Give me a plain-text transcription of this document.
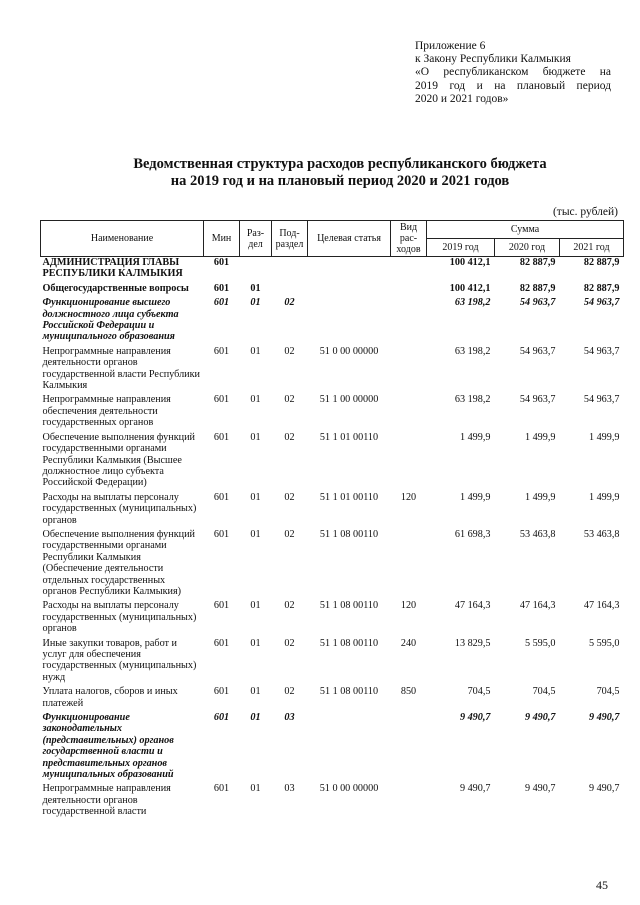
Приложение 6
к Закону Республики Калмыкия
«О республиканском бюджете на
2019 год и на плановый период
2020 и 2021 годов»
Ведомственная структура расходов республиканского бюджета
на 2019 год и на плановый период 2020 и 2021 годов
(тыс. рублей)
Наименование	Мин	Раз-дел	Под-раздел	Целевая статья	Вид рас-ходов	Сумма		
						2019 год	2020 год	2021 год
АДМИНИСТРАЦИЯ ГЛАВЫ РЕСПУБЛИКИ КАЛМЫКИЯ	601					100 412,1	82 887,9	82 887,9
Общегосударственные вопросы	601	01				100 412,1	82 887,9	82 887,9
Функционирование высшего должностного лица субъекта Российской Федерации и муниципального образования	601	01	02			63 198,2	54 963,7	54 963,7
Непрограммные направления деятельности органов государственной власти Республики Калмыкия	601	01	02	51 0 00 00000		63 198,2	54 963,7	54 963,7
Непрограммные направления обеспечения деятельности государственных органов	601	01	02	51 1 00 00000		63 198,2	54 963,7	54 963,7
Обеспечение выполнения функций государственными органами Республики Калмыкия (Высшее должностное лицо субъекта Российской Федерации)	601	01	02	51 1 01 00110		1 499,9	1 499,9	1 499,9
Расходы на выплаты персоналу государственных (муниципальных) органов	601	01	02	51 1 01 00110	120	1 499,9	1 499,9	1 499,9
Обеспечение выполнения функций государственными органами Республики Калмыкия (Обеспечение деятельности отдельных государственных органов Республики Калмыкия)	601	01	02	51 1 08 00110		61 698,3	53 463,8	53 463,8
Расходы на выплаты персоналу государственных (муниципальных) органов	601	01	02	51 1 08 00110	120	47 164,3	47 164,3	47 164,3
Иные закупки товаров, работ и услуг для обеспечения государственных (муниципальных) нужд	601	01	02	51 1 08 00110	240	13 829,5	5 595,0	5 595,0
Уплата налогов, сборов и иных платежей	601	01	02	51 1 08 00110	850	704,5	704,5	704,5
Функционирование законодательных (представительных) органов государственной власти и представительных органов муниципальных образований	601	01	03			9 490,7	9 490,7	9 490,7
Непрограммные направления деятельности органов государственной власти	601	01	03	51 0 00 00000		9 490,7	9 490,7	9 490,7
45
